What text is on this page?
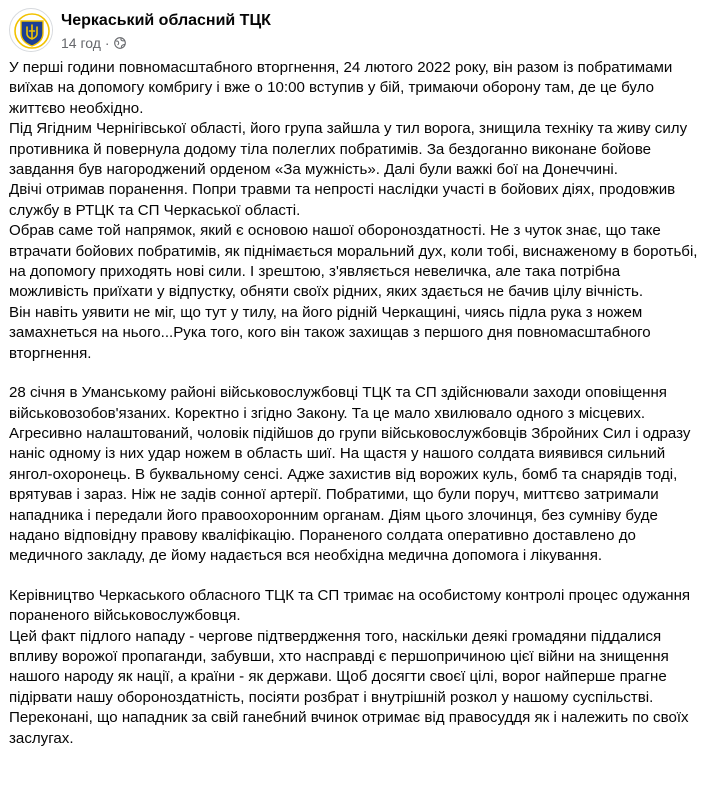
Черкаський обласний ТЦК
14 год ·

У перші години повномасштабного вторгнення, 24 лютого 2022 року, він разом із побратимами виїхав на допомогу комбригу і вже о 10:00 вступив у бій, тримаючи оборону там, де це було життєво необхідно.

Під Ягідним Чернігівської області, його група зайшла у тил ворога, знищила техніку та живу силу противника й повернула додому тіла полеглих побратимів. За бездоганно виконане бойове завдання був нагороджений орденом «За мужність». Далі були важкі бої на Донеччині.

Двічі отримав поранення. Попри травми та непрості наслідки участі в бойових діях, продовжив службу в РТЦК та СП Черкаської області.

Обрав саме той напрямок, який є основою нашої обороноздатності. Не з чуток знає, що таке втрачати бойових побратимів, як піднімається моральний дух, коли тобі, виснаженому в боротьбі, на допомогу приходять нові сили. І зрештою, з'являється невеличка, але така потрібна можливість приїхати у відпустку, обняти своїх рідних, яких здається не бачив цілу вічність.

Він навіть уявити не міг, що тут у тилу, на його рідній Черкащині, чиясь підла рука з ножем замахнеться на нього...Рука того, кого він також захищав з першого дня повномасштабного вторгнення.

28 січня в Уманському районі військовослужбовці ТЦК та СП здійснювали заходи оповіщення військовозобов'язаних. Коректно і згідно Закону. Та це мало хвилювало одного з місцевих. Агресивно налаштований, чоловік підійшов до групи військовослужбовців Збройних Сил і одразу наніс одному із них удар ножем в область шиї. На щастя у нашого солдата виявився сильний янгол-охоронець. В буквальному сенсі. Адже захистив від ворожих куль, бомб та снарядів тоді, врятував і зараз. Ніж не задів сонної артерії. Побратими, що були поруч, миттєво затримали нападника і передали його правоохоронним органам. Діям цього злочинця, без сумніву буде надано відповідну правову кваліфікацію. Пораненого солдата оперативно доставлено до медичного закладу, де йому надається вся необхідна медична допомога і лікування.

Керівництво Черкаського обласного ТЦК та СП тримає на особистому контролі процес одужання пораненого військовослужбовця.

Цей факт підлого нападу - чергове підтвердження того, наскільки деякі громадяни піддалися впливу ворожої пропаганди, забувши, хто насправді є першопричиною цієї війни на знищення нашого народу як нації, а країни - як держави. Щоб досягти своєї цілі, ворог найперше прагне підірвати нашу обороноздатність, посіяти розбрат і внутрішній розкол у нашому суспільстві.

Переконані, що нападник за свій ганебний вчинок отримає від правосуддя як і належить по своїх заслугах.
